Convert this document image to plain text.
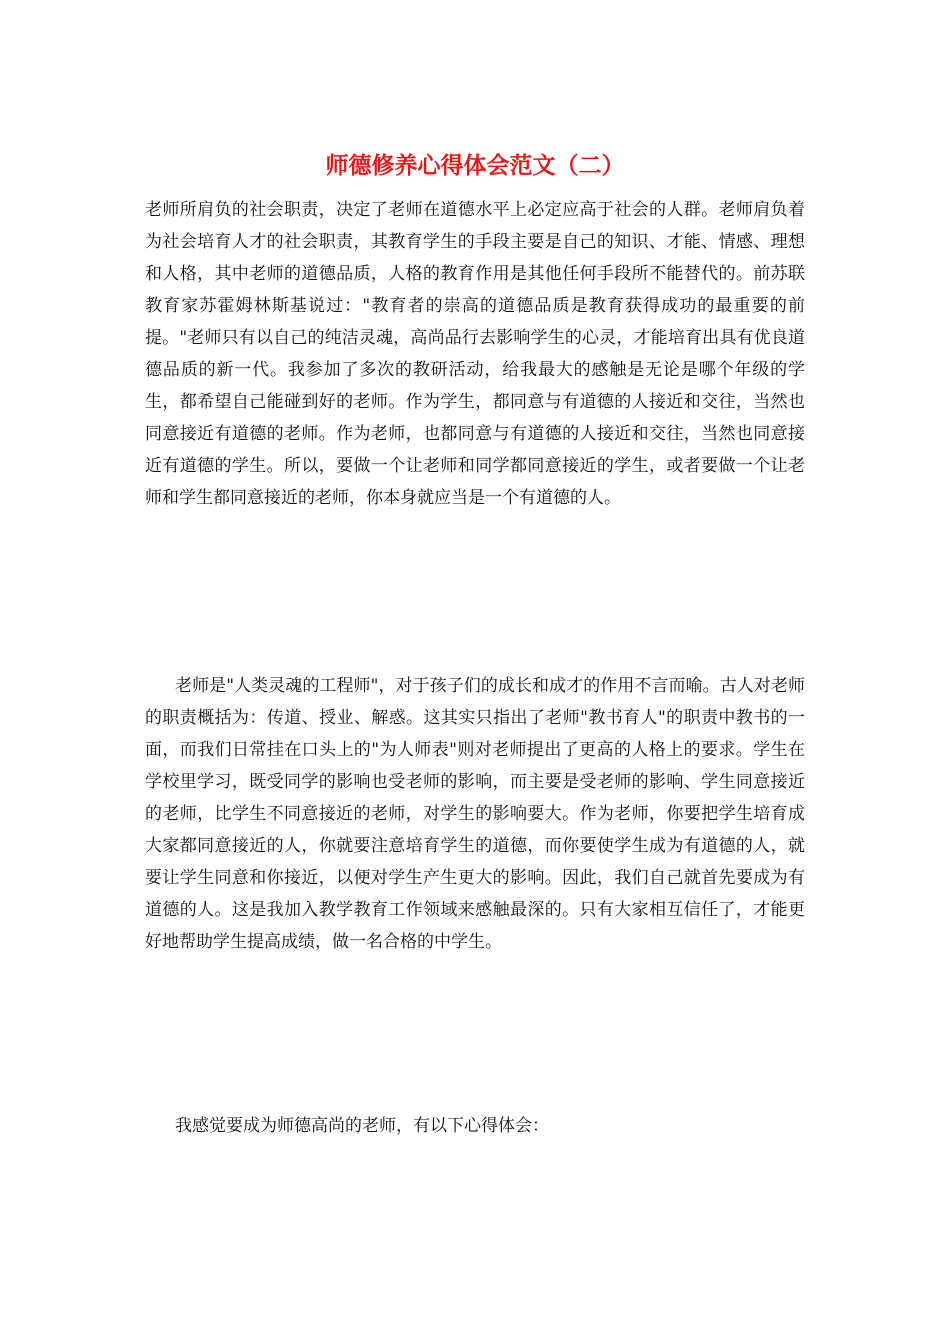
师德修养心得体会范文（二）

老师所肩负的社会职责，决定了老师在道德水平上必定应高于社会的人群。老师肩负着为社会培育人才的社会职责，其教育学生的手段主要是自己的知识、才能、情感、理想和人格，其中老师的道德品质，人格的教育作用是其他任何手段所不能替代的。前苏联教育家苏霍姆林斯基说过："教育者的崇高的道德品质是教育获得成功的最重要的前提。"老师只有以自己的纯洁灵魂，高尚品行去影响学生的心灵，才能培育出具有优良道德品质的新一代。我参加了多次的教研活动，给我最大的感触是无论是哪个年级的学生，都希望自己能碰到好的老师。作为学生，都同意与有道德的人接近和交往，当然也同意接近有道德的老师。作为老师，也都同意与有道德的人接近和交往，当然也同意接近有道德的学生。所以，要做一个让老师和同学都同意接近的学生，或者要做一个让老师和学生都同意接近的老师，你本身就应当是一个有道德的人。

老师是"人类灵魂的工程师"，对于孩子们的成长和成才的作用不言而喻。古人对老师的职责概括为：传道、授业、解惑。这其实只指出了老师"教书育人"的职责中教书的一面，而我们日常挂在口头上的"为人师表"则对老师提出了更高的人格上的要求。学生在学校里学习，既受同学的影响也受老师的影响，而主要是受老师的影响、学生同意接近的老师，比学生不同意接近的老师，对学生的影响要大。作为老师，你要把学生培育成大家都同意接近的人，你就要注意培育学生的道德，而你要使学生成为有道德的人，就要让学生同意和你接近，以便对学生产生更大的影响。因此，我们自己就首先要成为有道德的人。这是我加入教学教育工作领域来感触最深的。只有大家相互信任了，才能更好地帮助学生提高成绩，做一名合格的中学生。

我感觉要成为师德高尚的老师，有以下心得体会：
